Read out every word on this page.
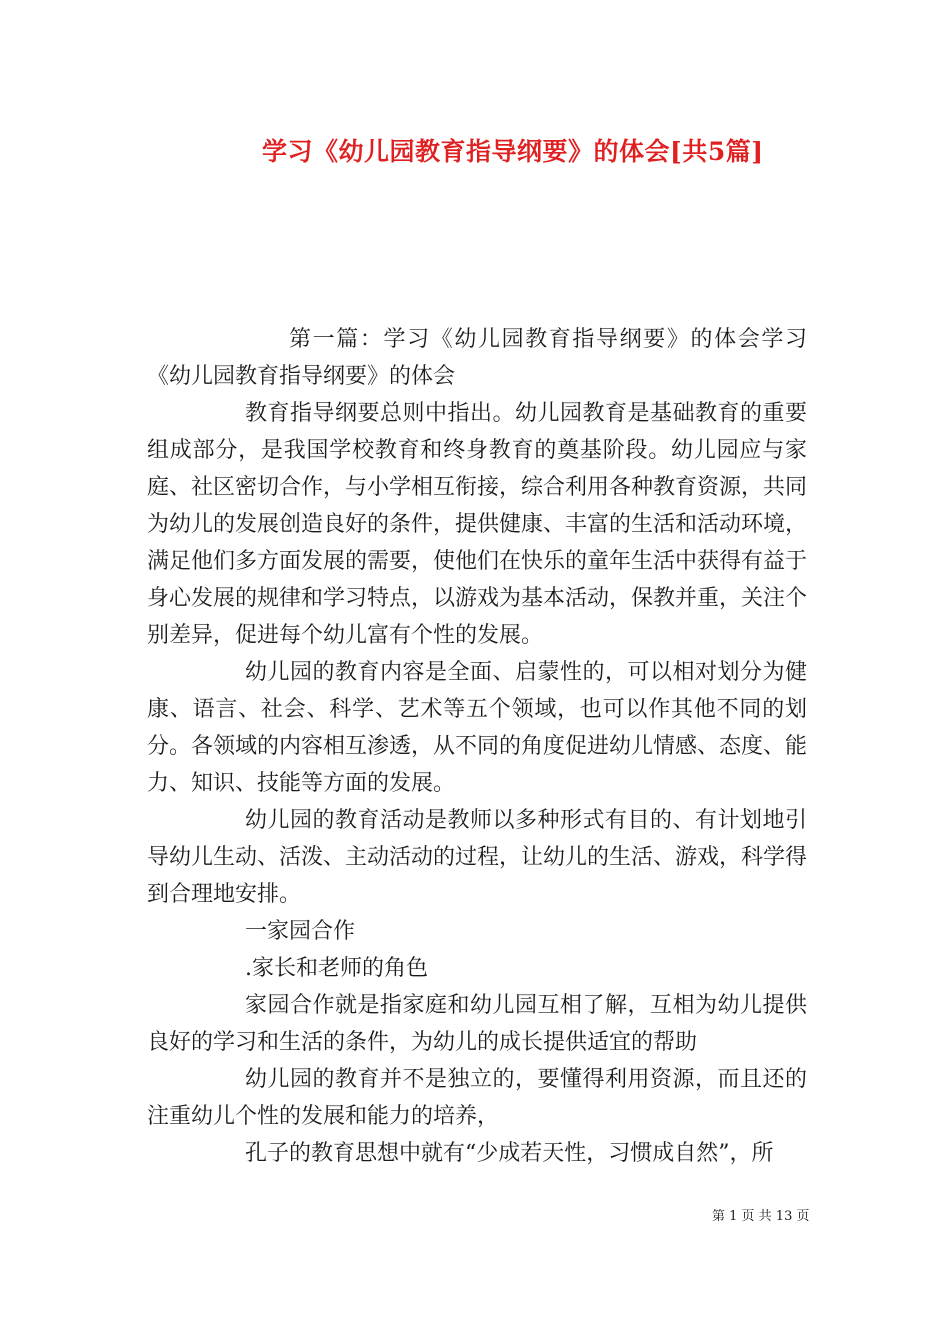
学习《幼儿园教育指导纲要》的体会[共5篇]

第一篇：学习《幼儿园教育指导纲要》的体会学习《幼儿园教育指导纲要》的体会

教育指导纲要总则中指出。幼儿园教育是基础教育的重要组成部分，是我国学校教育和终身教育的奠基阶段。幼儿园应与家庭、社区密切合作，与小学相互衔接，综合利用各种教育资源，共同为幼儿的发展创造良好的条件，提供健康、丰富的生活和活动环境，满足他们多方面发展的需要，使他们在快乐的童年生活中获得有益于身心发展的规律和学习特点，以游戏为基本活动，保教并重，关注个别差异，促进每个幼儿富有个性的发展。

幼儿园的教育内容是全面、启蒙性的，可以相对划分为健康、语言、社会、科学、艺术等五个领域，也可以作其他不同的划分。各领域的内容相互渗透，从不同的角度促进幼儿情感、态度、能力、知识、技能等方面的发展。

幼儿园的教育活动是教师以多种形式有目的、有计划地引导幼儿生动、活泼、主动活动的过程，让幼儿的生活、游戏，科学得到合理地安排。

一家园合作

.家长和老师的角色

家园合作就是指家庭和幼儿园互相了解，互相为幼儿提供良好的学习和生活的条件，为幼儿的成长提供适宜的帮助

幼儿园的教育并不是独立的，要懂得利用资源，而且还的注重幼儿个性的发展和能力的培养，

孔子的教育思想中就有“少成若天性，习惯成自然”，所

第 1 页 共 13 页
